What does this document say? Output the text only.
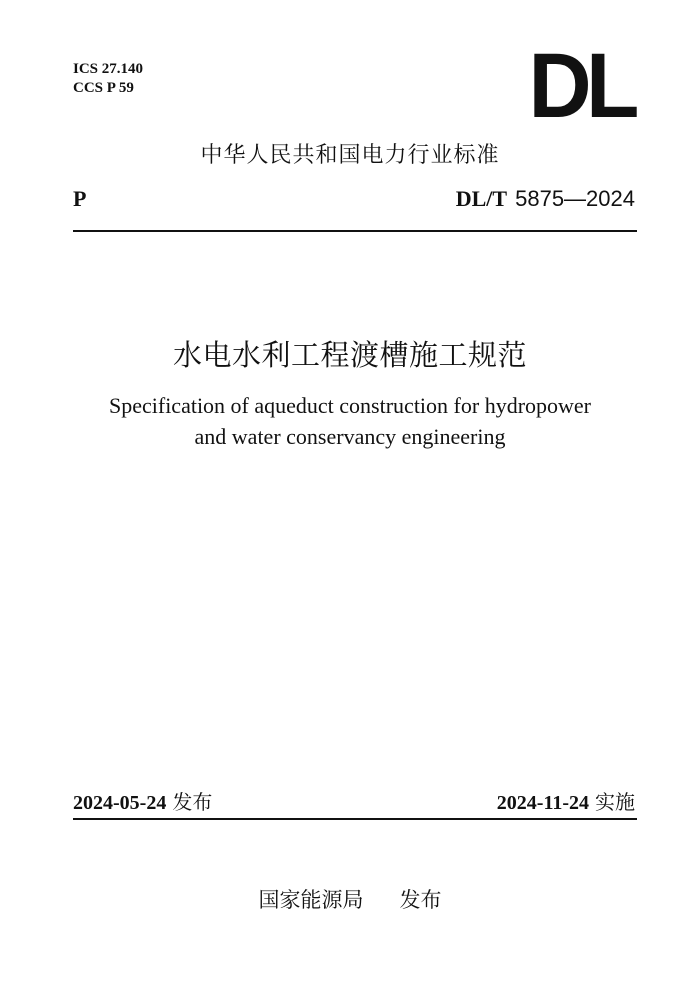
ICS 27.140
CCS P 59	DL
中华人民共和国电力行业标准
P	DL/T 5875—2024
水电水利工程渡槽施工规范
Specification of aqueduct construction for hydropower
and water conservancy engineering
2024-05-24 发布	2024-11-24 实施
国家能源局 发布
